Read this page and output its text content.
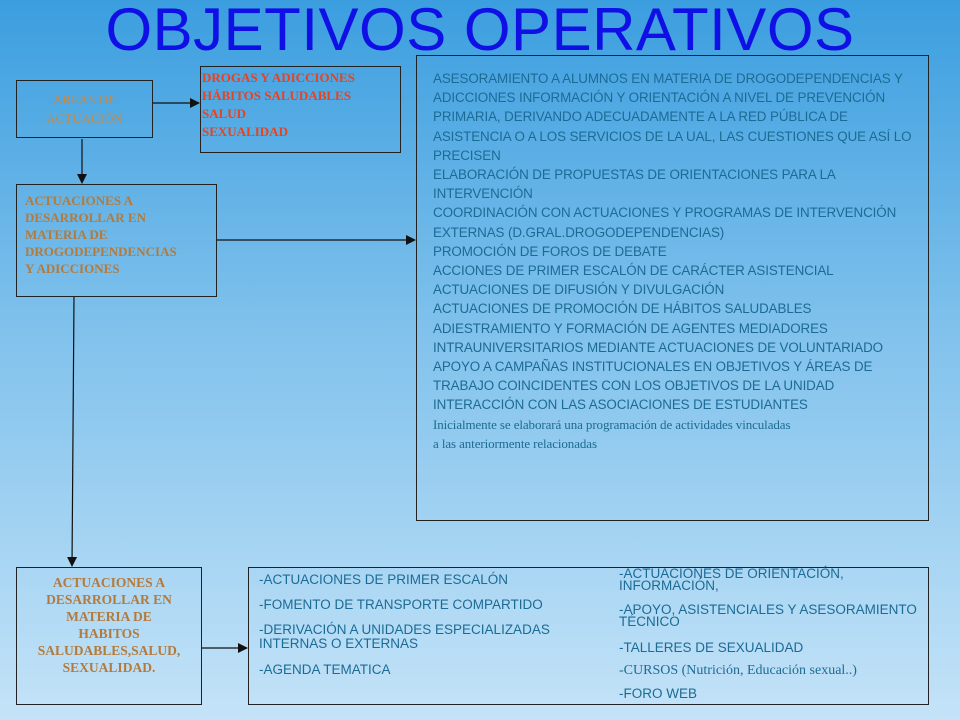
OBJETIVOS OPERATIVOS
ÁREAS DE
ACTUACIÓN
DROGAS Y ADICCIONES
HÁBITOS SALUDABLES
SALUD
SEXUALIDAD
ACTUACIONES A
DESARROLLAR EN
MATERIA DE
DROGODEPENDENCIAS
Y ADICCIONES
ASESORAMIENTO A ALUMNOS EN MATERIA DE DROGODEPENDENCIAS Y ADICCIONES INFORMACIÓN Y ORIENTACIÓN A NIVEL DE PREVENCIÓN PRIMARIA, DERIVANDO ADECUADAMENTE A LA RED PÚBLICA DE ASISTENCIA O A LOS SERVICIOS DE LA UAL, LAS CUESTIONES QUE ASÍ LO PRECISEN
ELABORACIÓN DE PROPUESTAS DE ORIENTACIONES PARA LA INTERVENCIÓN
COORDINACIÓN CON ACTUACIONES Y PROGRAMAS DE INTERVENCIÓN EXTERNAS (D.GRAL.DROGODEPENDENCIAS)
PROMOCIÓN DE FOROS DE DEBATE
ACCIONES DE PRIMER ESCALÓN DE CARÁCTER ASISTENCIAL
ACTUACIONES DE DIFUSIÓN Y DIVULGACIÓN
ACTUACIONES DE PROMOCIÓN DE HÁBITOS SALUDABLES
ADIESTRAMIENTO Y FORMACIÓN DE AGENTES MEDIADORES INTRAUNIVERSITARIOS MEDIANTE ACTUACIONES DE VOLUNTARIADO
APOYO A CAMPAÑAS INSTITUCIONALES EN OBJETIVOS Y ÁREAS DE TRABAJO COINCIDENTES CON LOS OBJETIVOS DE LA UNIDAD
INTERACCIÓN CON LAS ASOCIACIONES DE ESTUDIANTES
Inicialmente se elaborará una programación de actividades vinculadas
a las anteriormente relacionadas
ACTUACIONES A
DESARROLLAR EN
MATERIA DE
HABITOS
SALUDABLES,SALUD,
SEXUALIDAD.
-ACTUACIONES DE PRIMER ESCALÓN
-FOMENTO DE TRANSPORTE COMPARTIDO
-DERIVACIÓN A UNIDADES ESPECIALIZADAS INTERNAS O EXTERNAS
-AGENDA TEMATICA
-ACTUACIONES DE ORIENTACIÓN, INFORMACIÓN,
-APOYO, ASISTENCIALES Y ASESORAMIENTO TÉCNICO
-TALLERES DE SEXUALIDAD
-CURSOS (Nutrición, Educación sexual..)
-FORO WEB
